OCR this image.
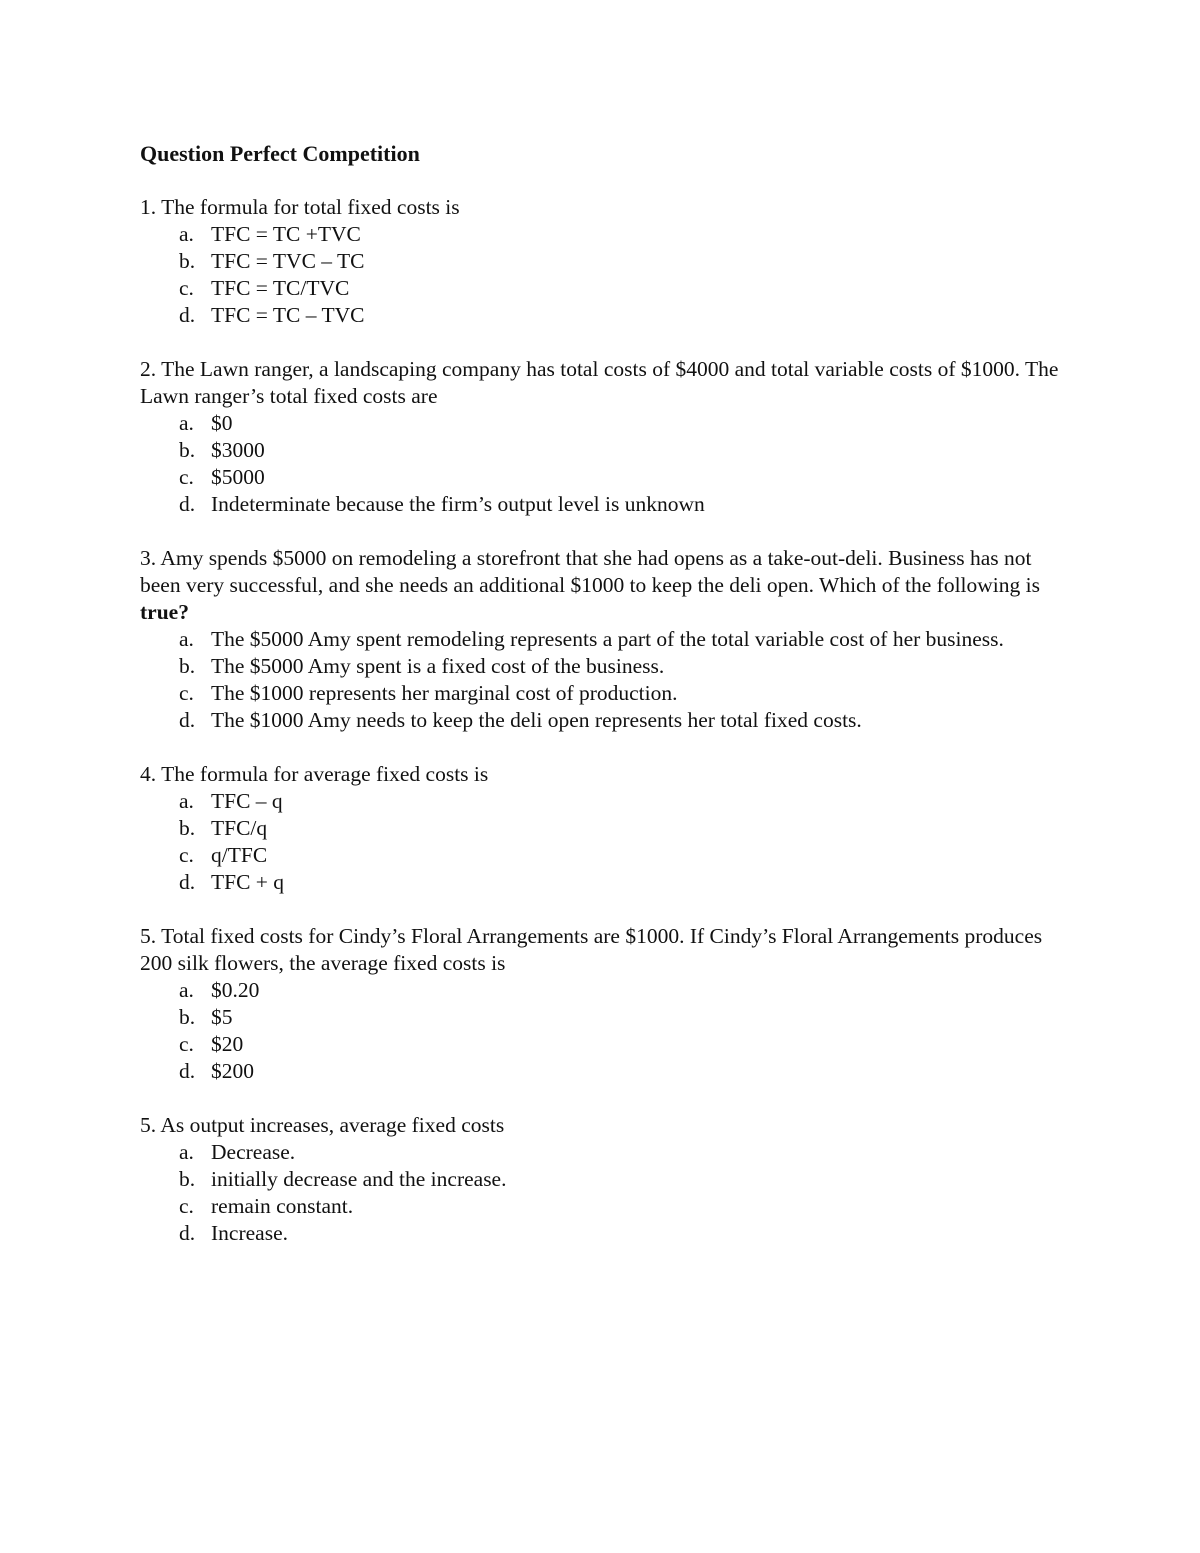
Question Perfect Competition

1. The formula for total fixed costs is

a. TFC = TC +TVC
b. TFC = TVC – TC
c. TFC = TC/TVC
d. TFC = TC – TVC

2. The Lawn ranger, a landscaping company has total costs of $4000 and total variable costs of $1000. The Lawn ranger’s total fixed costs are

a. $0
b. $3000
c. $5000
d. Indeterminate because the firm’s output level is unknown

3. Amy spends $5000 on remodeling a storefront that she had opens as a take-out-deli. Business has not been very successful, and she needs an additional $1000 to keep the deli open. Which of the following is true?

a. The $5000 Amy spent remodeling represents a part of the total variable cost of her business.
b. The $5000 Amy spent is a fixed cost of the business.
c. The $1000 represents her marginal cost of production.
d. The $1000 Amy needs to keep the deli open represents her total fixed costs.

4. The formula for average fixed costs is

a. TFC – q
b. TFC/q
c. q/TFC
d. TFC + q

5. Total fixed costs for Cindy’s Floral Arrangements are $1000. If Cindy’s Floral Arrangements produces 200 silk flowers, the average fixed costs is

a. $0.20
b. $5
c. $20
d. $200

5. As output increases, average fixed costs

a. Decrease.
b. initially decrease and the increase.
c. remain constant.
d. Increase.
